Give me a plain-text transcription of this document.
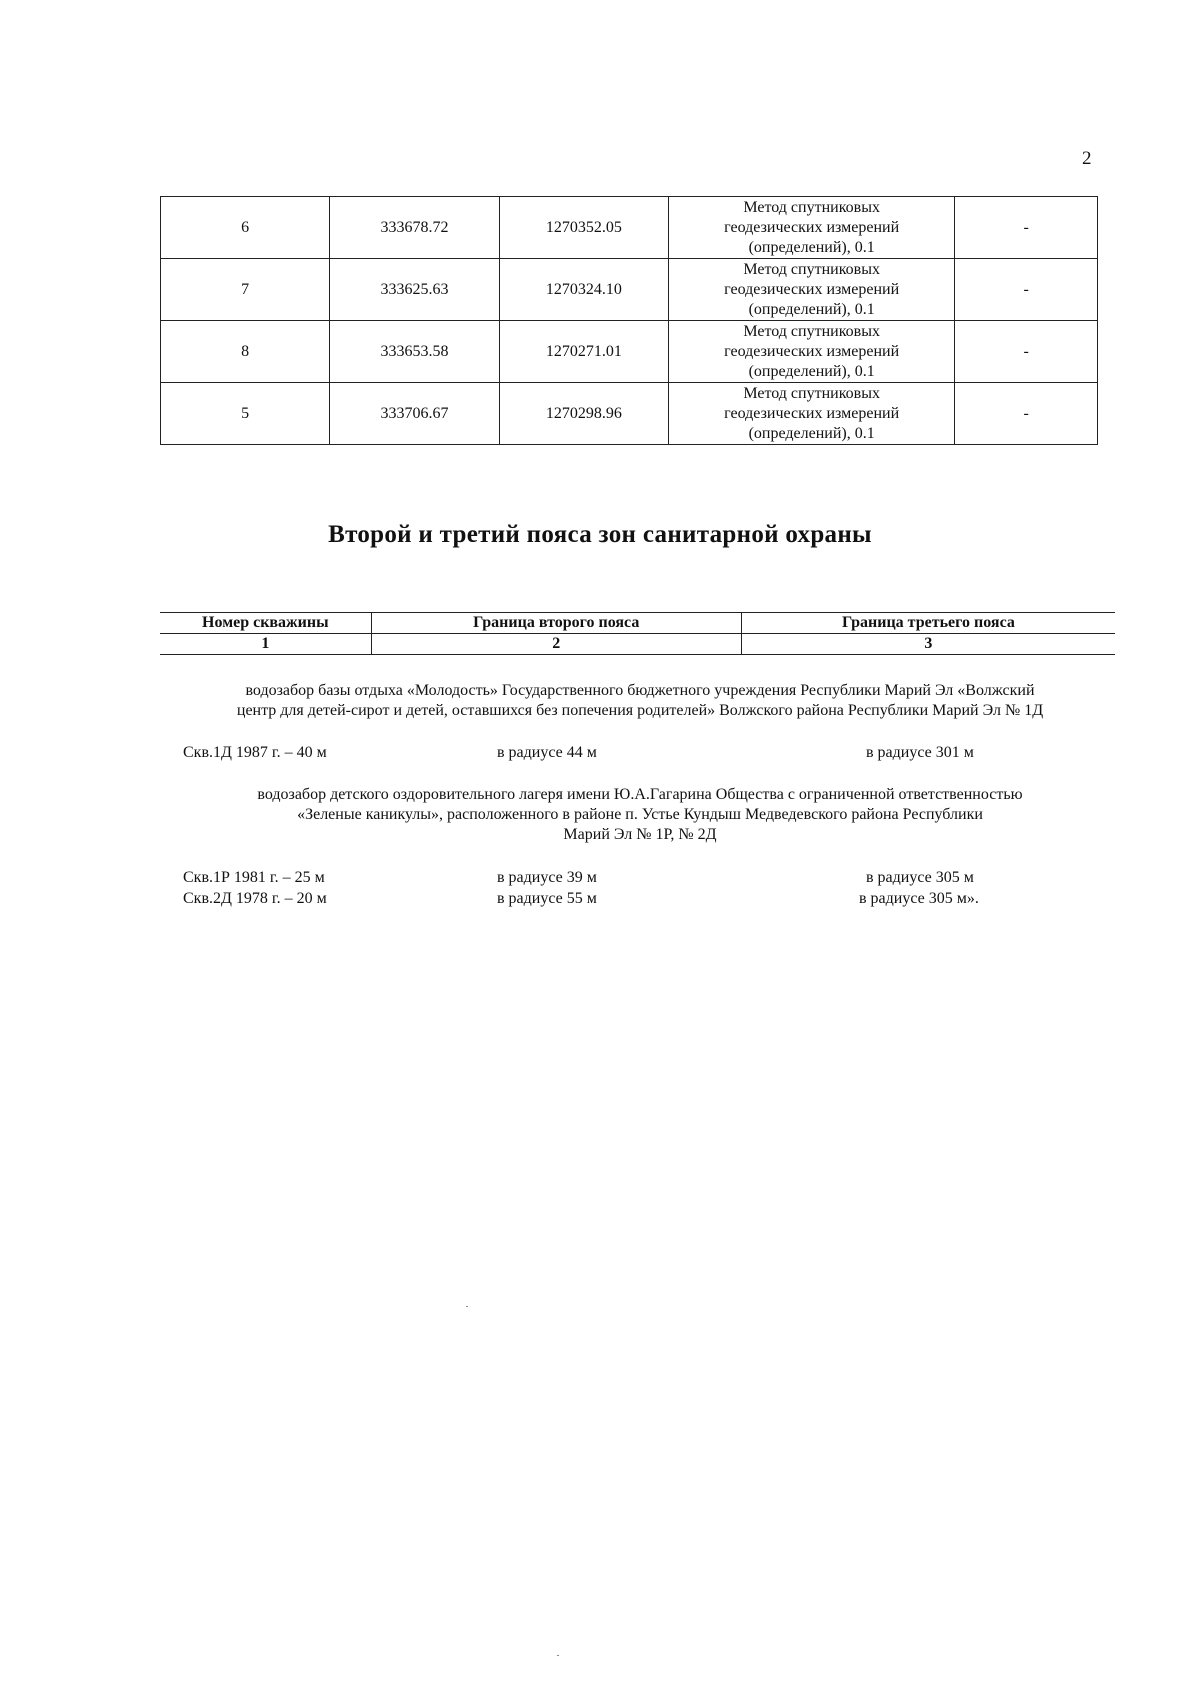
2
6	333678.72	1270352.05	Метод спутниковых
геодезических измерений
(определений), 0.1	-
7	333625.63	1270324.10	Метод спутниковых
геодезических измерений
(определений), 0.1	-
8	333653.58	1270271.01	Метод спутниковых
геодезических измерений
(определений), 0.1	-
5	333706.67	1270298.96	Метод спутниковых
геодезических измерений
(определений), 0.1	-
Второй и третий пояса зон санитарной охраны
Номер скважины	Граница второго пояса	Граница третьего пояса
1	2	3
водозабор базы отдыха «Молодость» Государственного бюджетного учреждения Республики Марий Эл «Волжский
центр для детей-сирот и детей, оставшихся без попечения родителей» Волжского района Республики Марий Эл № 1Д
Скв.1Д 1987 г. – 40 м	в радиусе 44 м	в радиусе 301 м
водозабор детского оздоровительного лагеря имени Ю.А.Гагарина Общества с ограниченной ответственностью
«Зеленые каникулы», расположенного в районе п. Устье Кундыш Медведевского района Республики
Марий Эл № 1Р, № 2Д
Скв.1Р 1981 г. – 25 м	в радиусе 39 м	в радиусе 305 м
Скв.2Д 1978 г. – 20 м	в радиусе 55 м	в радиусе 305 м».
